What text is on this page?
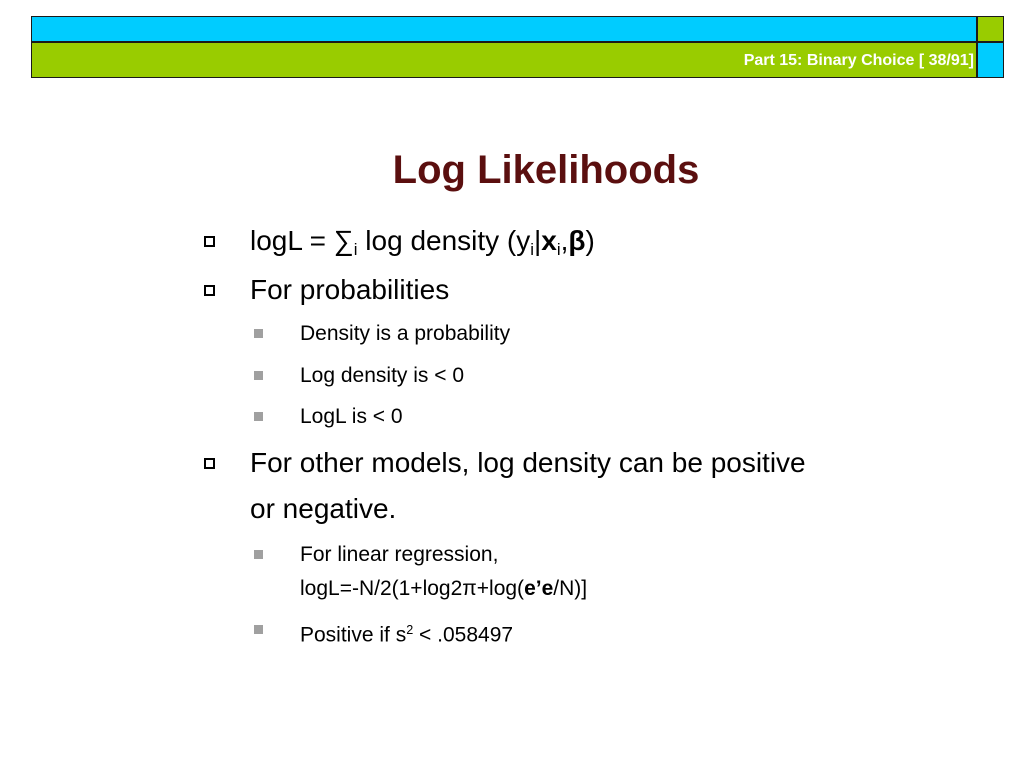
Part 15: Binary Choice [ 38/91]
Log Likelihoods
$\log L = \sum_i$ log density $(y_i|x_i,\beta)$
For probabilities
Density is a probability
Log density is < 0
LogL is < 0
For other models, log density can be positive
or negative.
For linear regression,
logL=-N/2(1+log2π+log(e’e/N)]
Positive if $s^2 < .058497$
